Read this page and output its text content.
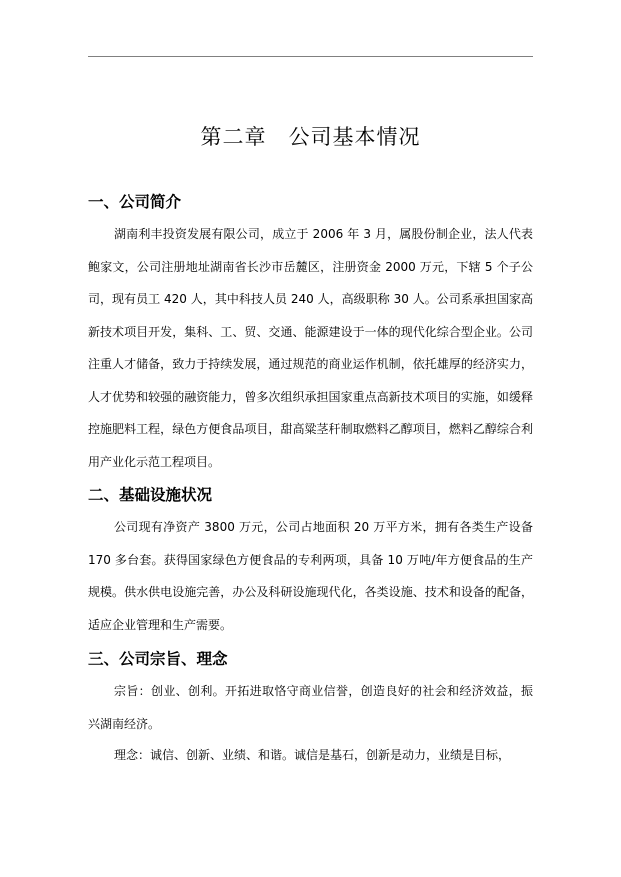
第二章　公司基本情况
一、公司简介

湖南利丰投资发展有限公司，成立于 2006 年 3 月，属股份制企业，法人代表鲍家文，公司注册地址湖南省长沙市岳麓区，注册资金 2000 万元，下辖 5 个子公司，现有员工 420 人，其中科技人员 240 人，高级职称 30 人。公司系承担国家高新技术项目开发，集科、工、贸、交通、能源建设于一体的现代化综合型企业。公司注重人才储备，致力于持续发展，通过规范的商业运作机制，依托雄厚的经济实力，人才优势和较强的融资能力，曾多次组织承担国家重点高新技术项目的实施，如缓释控施肥料工程，绿色方便食品项目，甜高粱茎秆制取燃料乙醇项目，燃料乙醇综合利用产业化示范工程项目。

二、基础设施状况

公司现有净资产 3800 万元，公司占地面积 20 万平方米，拥有各类生产设备 170 多台套。获得国家绿色方便食品的专利两项，具备 10 万吨/年方便食品的生产规模。供水供电设施完善，办公及科研设施现代化，各类设施、技术和设备的配备，适应企业管理和生产需要。

三、公司宗旨、理念

宗旨：创业、创利。开拓进取恪守商业信誉，创造良好的社会和经济效益，振兴湖南经济。

理念：诚信、创新、业绩、和谐。诚信是基石，创新是动力，业绩是目标，
